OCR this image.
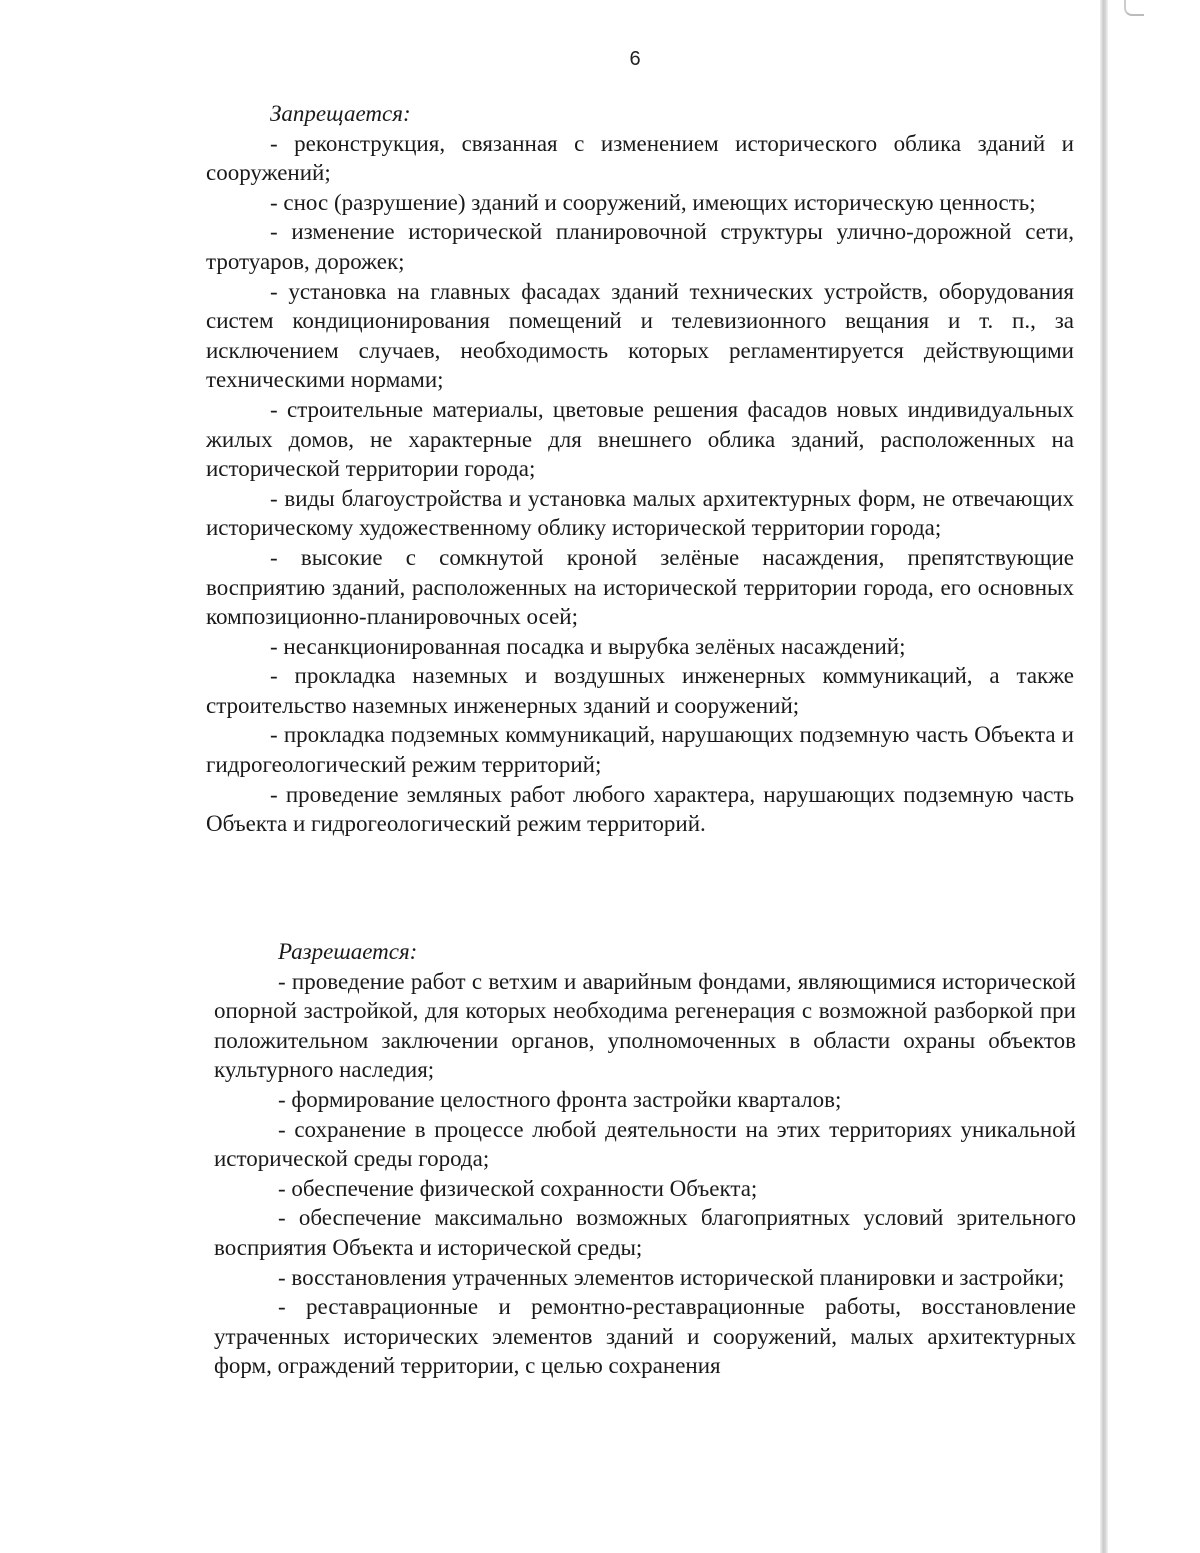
6

Запрещается:

- реконструкция, связанная с изменением исторического облика зданий и сооружений;

- снос (разрушение) зданий и сооружений, имеющих историческую ценность;

- изменение исторической планировочной структуры улично-дорожной сети, тротуаров, дорожек;

- установка на главных фасадах зданий технических устройств, оборудования систем кондиционирования помещений и телевизионного вещания и т. п., за исключением случаев, необходимость которых регламентируется действующими техническими нормами;

- строительные материалы, цветовые решения фасадов новых индивидуальных жилых домов, не характерные для внешнего облика зданий, расположенных на исторической территории города;

- виды благоустройства и установка малых архитектурных форм, не отвечающих историческому художественному облику исторической территории города;

- высокие с сомкнутой кроной зелёные насаждения, препятствующие восприятию зданий, расположенных на исторической территории города, его основных композиционно-планировочных осей;

- несанкционированная посадка и вырубка зелёных насаждений;

- прокладка наземных и воздушных инженерных коммуникаций, а также строительство наземных инженерных зданий и сооружений;

- прокладка подземных коммуникаций, нарушающих подземную часть Объекта и гидрогеологический режим территорий;

- проведение земляных работ любого характера, нарушающих подземную часть Объекта и гидрогеологический режим территорий.

Разрешается:

- проведение работ с ветхим и аварийным фондами, являющимися исторической опорной застройкой, для которых необходима регенерация с возможной разборкой при положительном заключении органов, уполномоченных в области охраны объектов культурного наследия;

- формирование целостного фронта застройки кварталов;

- сохранение в процессе любой деятельности на этих территориях уникальной исторической среды города;

- обеспечение физической сохранности Объекта;

- обеспечение максимально возможных благоприятных условий зрительного восприятия Объекта и исторической среды;

- восстановления утраченных элементов исторической планировки и застройки;

- реставрационные и ремонтно-реставрационные работы, восстановление утраченных исторических элементов зданий и сооружений, малых архитектурных форм, ограждений территории, с целью сохранения
